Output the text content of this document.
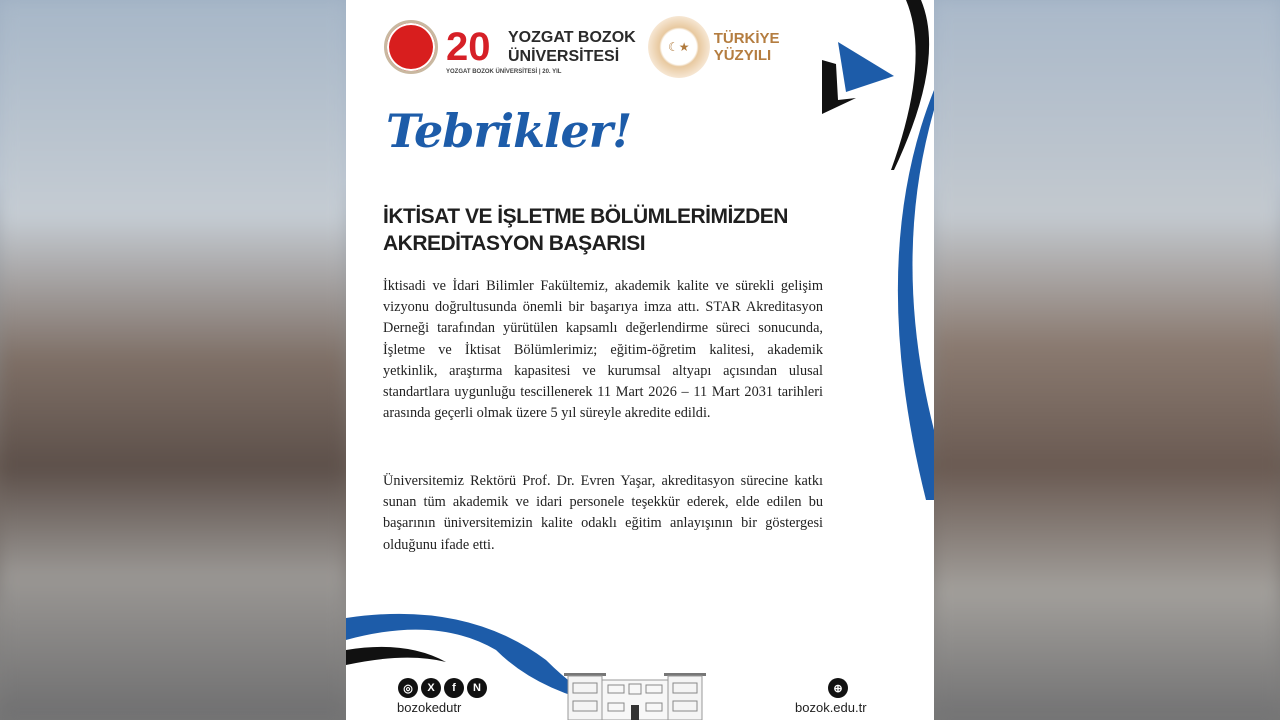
20
YOZGAT BOZOK ÜNİVERSİTESİ | 20. YIL
YOZGAT BOZOK
ÜNİVERSİTESİ
☾★	TÜRKİYE
YÜZYILI
Tebrikler!
İKTİSAT VE İŞLETME BÖLÜMLERİMİZDEN
AKREDİTASYON BAŞARISI

İktisadi ve İdari Bilimler Fakültemiz, akademik kalite ve sürekli gelişim vizyonu doğrultusunda önemli bir başarıya imza attı. STAR Akreditasyon Derneği tarafından yürütülen kapsamlı değerlendirme süreci sonucunda, İşletme ve İktisat Bölümlerimiz; eğitim-öğretim kalitesi, akademik yetkinlik, araştırma kapasitesi ve kurumsal altyapı açısından ulusal standartlara uygunluğu tescillenerek 11 Mart 2026 – 11 Mart 2031 tarihleri arasında geçerli olmak üzere 5 yıl süreyle akredite edildi.

Üniversitemiz Rektörü Prof. Dr. Evren Yaşar, akreditasyon sürecine katkı sunan tüm akademik ve idari personele teşekkür ederek, elde edilen bu başarının üniversitemizin kalite odaklı eğitim anlayışının bir göstergesi olduğunu ifade etti.

◎	X	f	N
bozokedutr
⊕
bozok.edu.tr
